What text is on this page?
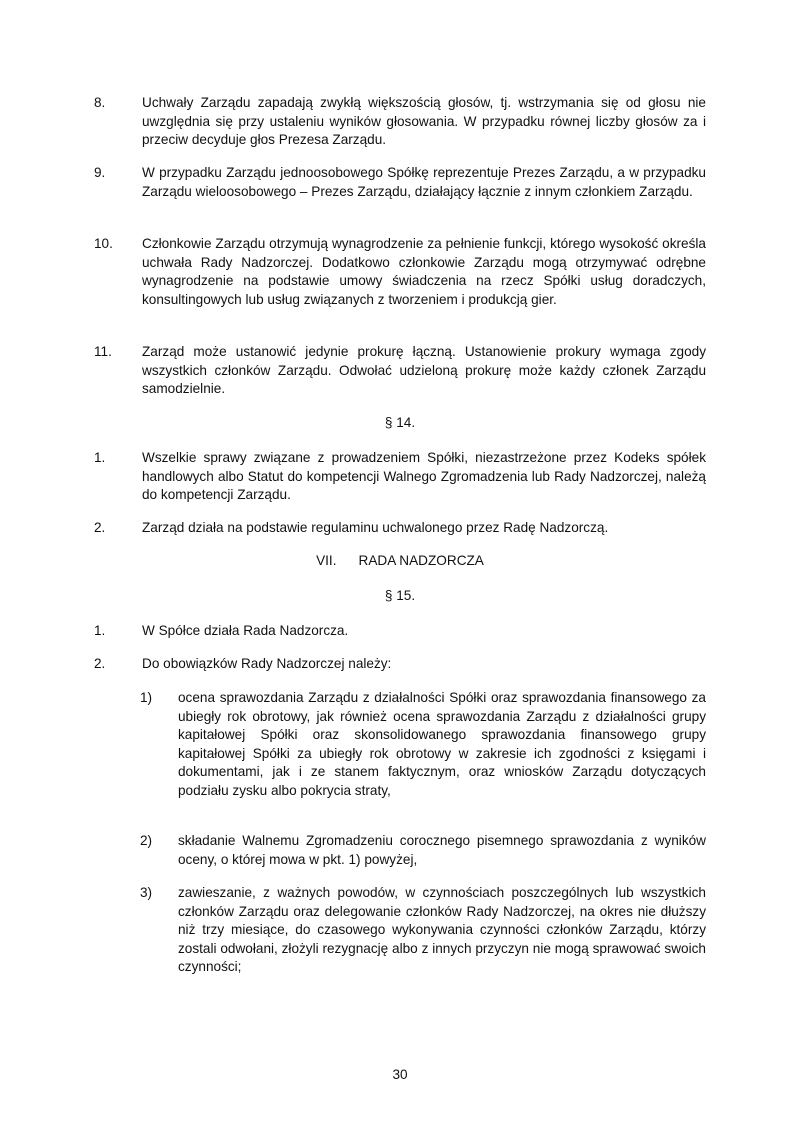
8.	Uchwały Zarządu zapadają zwykłą większością głosów, tj. wstrzymania się od głosu nie uwzględnia się przy ustaleniu wyników głosowania. W przypadku równej liczby głosów za i przeciw decyduje głos Prezesa Zarządu.
9.	W przypadku Zarządu jednoosobowego Spółkę reprezentuje Prezes Zarządu, a w przypadku Zarządu wieloosobowego – Prezes Zarządu, działający łącznie z innym członkiem Zarządu.
10.	Członkowie Zarządu otrzymują wynagrodzenie za pełnienie funkcji, którego wysokość określa uchwała Rady Nadzorczej. Dodatkowo członkowie Zarządu mogą otrzymywać odrębne wynagrodzenie na podstawie umowy świadczenia na rzecz Spółki usług doradczych, konsultingowych lub usług związanych z tworzeniem i produkcją gier.
11.	Zarząd może ustanowić jedynie prokurę łączną. Ustanowienie prokury wymaga zgody wszystkich członków Zarządu. Odwołać udzieloną prokurę może każdy członek Zarządu samodzielnie.
§ 14.
1.	Wszelkie sprawy związane z prowadzeniem Spółki, niezastrzeżone przez Kodeks spółek handlowych albo Statut do kompetencji Walnego Zgromadzenia lub Rady Nadzorczej, należą do kompetencji Zarządu.
2.	Zarząd działa na podstawie regulaminu uchwalonego przez Radę Nadzorczą.
VII. RADA NADZORCZA
§ 15.
1.	W Spółce działa Rada Nadzorcza.
2.	Do obowiązków Rady Nadzorczej należy:
1)	ocena sprawozdania Zarządu z działalności Spółki oraz sprawozdania finansowego za ubiegły rok obrotowy, jak również ocena sprawozdania Zarządu z działalności grupy kapitałowej Spółki oraz skonsolidowanego sprawozdania finansowego grupy kapitałowej Spółki za ubiegły rok obrotowy w zakresie ich zgodności z księgami i dokumentami, jak i ze stanem faktycznym, oraz wniosków Zarządu dotyczących podziału zysku albo pokrycia straty,
2)	składanie Walnemu Zgromadzeniu corocznego pisemnego sprawozdania z wyników oceny, o której mowa w pkt. 1) powyżej,
3)	zawieszanie, z ważnych powodów, w czynnościach poszczególnych lub wszystkich członków Zarządu oraz delegowanie członków Rady Nadzorczej, na okres nie dłuższy niż trzy miesiące, do czasowego wykonywania czynności członków Zarządu, którzy zostali odwołani, złożyli rezygnację albo z innych przyczyn nie mogą sprawować swoich czynności;
30
